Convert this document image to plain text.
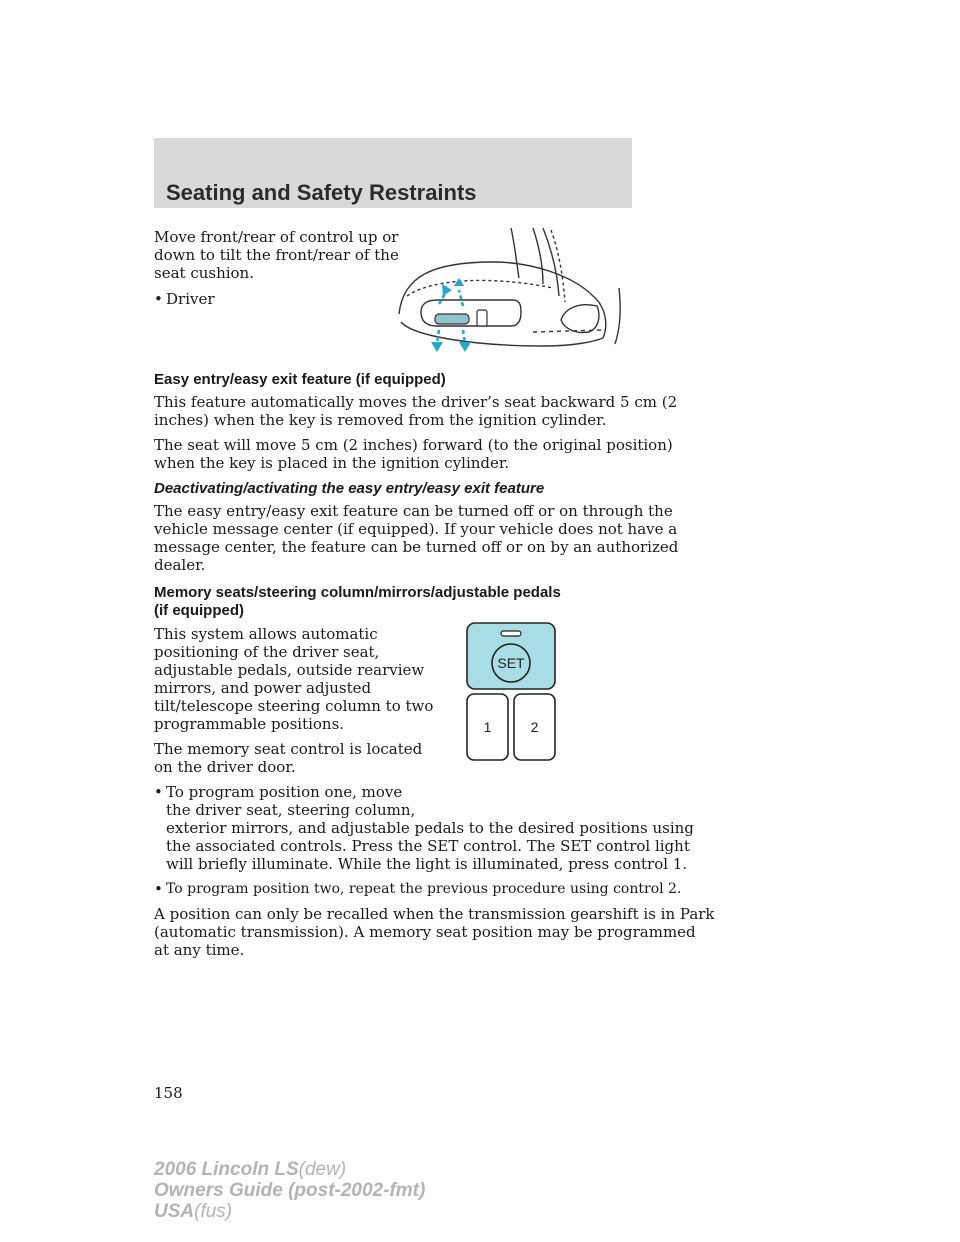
Seating and Safety Restraints

Move front/rear of control up or

down to tilt the front/rear of the

seat cushion.

• Driver

Easy entry/easy exit feature (if equipped)

This feature automatically moves the driver’s seat backward 5 cm (2

inches) when the key is removed from the ignition cylinder.

The seat will move 5 cm (2 inches) forward (to the original position)

when the key is placed in the ignition cylinder.

Deactivating/activating the easy entry/easy exit feature

The easy entry/easy exit feature can be turned off or on through the

vehicle message center (if equipped). If your vehicle does not have a

message center, the feature can be turned off or on by an authorized

dealer.

Memory seats/steering column/mirrors/adjustable pedals

(if equipped)

This system allows automatic

positioning of the driver seat,

adjustable pedals, outside rearview

mirrors, and power adjusted

tilt/telescope steering column to two

programmable positions.

The memory seat control is located

on the driver door.

• To program position one, move

the driver seat, steering column,

exterior mirrors, and adjustable pedals to the desired positions using

the associated controls. Press the SET control. The SET control light

will briefly illuminate. While the light is illuminated, press control 1.

• To program position two, repeat the previous procedure using control 2.

A position can only be recalled when the transmission gearshift is in Park

(automatic transmission). A memory seat position may be programmed

at any time.

SET
1	2

158

2006 Lincoln LS(dew)
Owners Guide (post-2002-fmt)
USA(fus)
